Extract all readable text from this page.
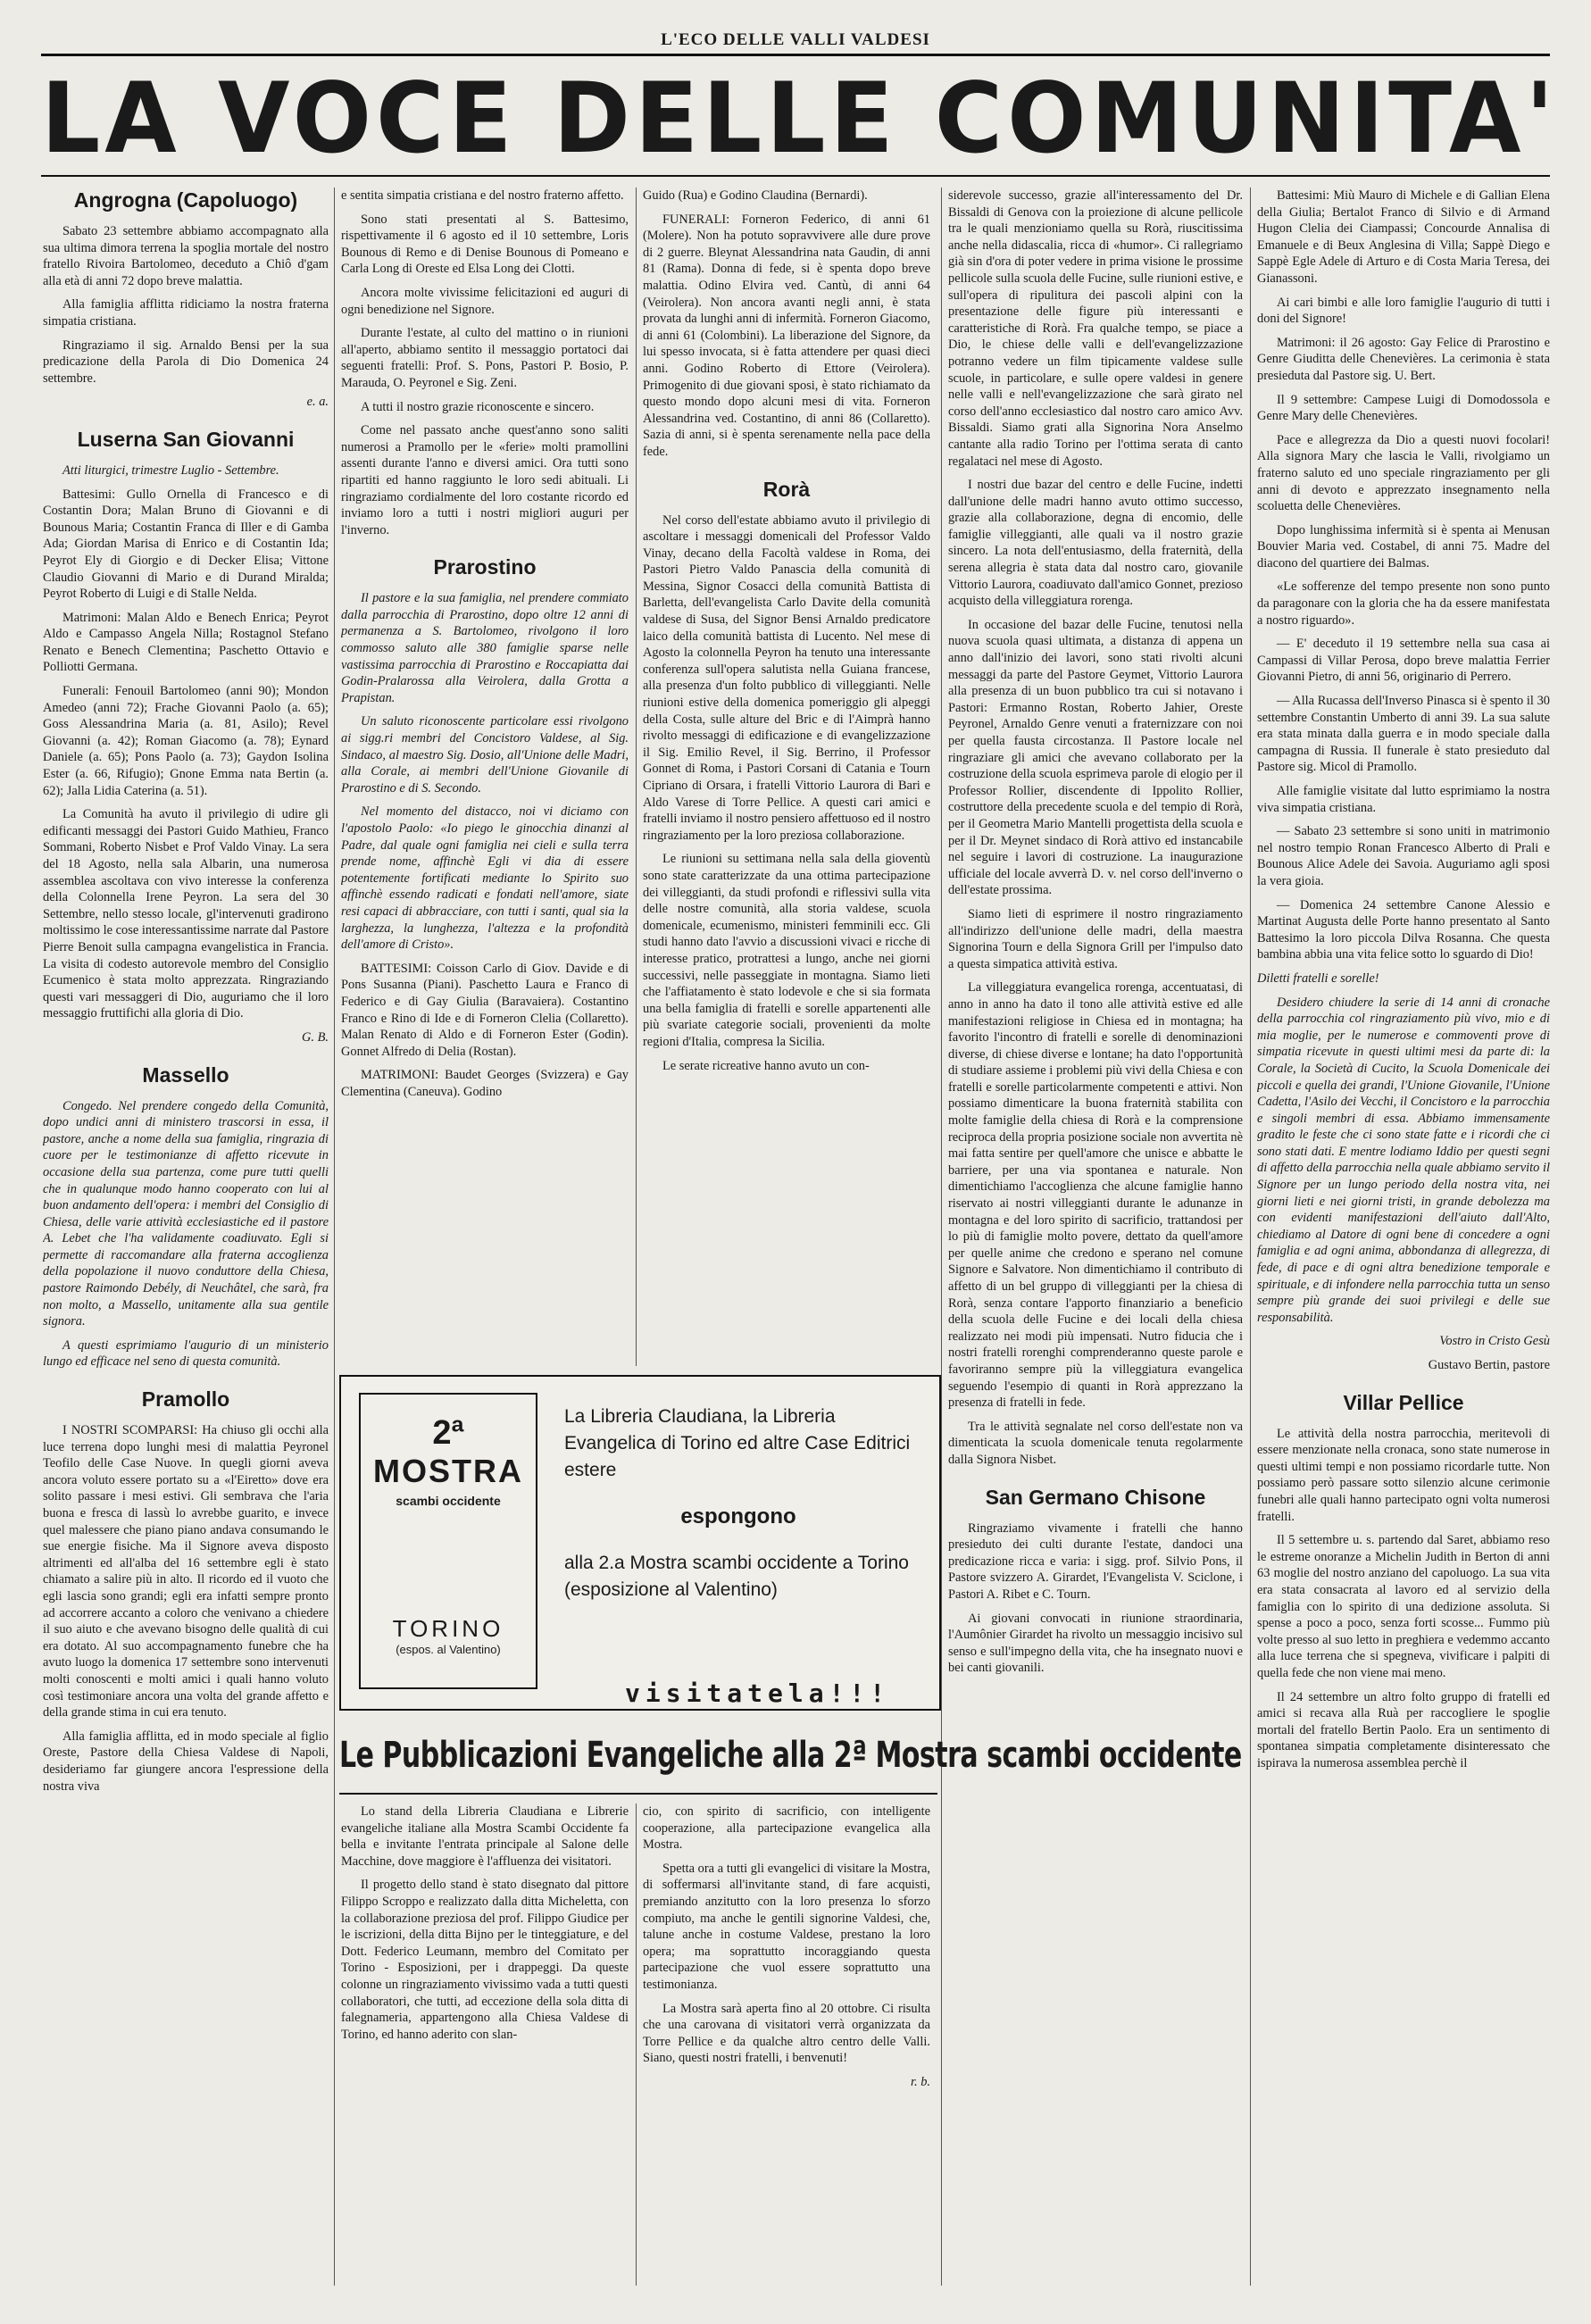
L'ECO DELLE VALLI VALDESI
LA VOCE DELLE COMUNITA'
Angrogna (Capoluogo)

Sabato 23 settembre abbiamo accompagnato alla sua ultima dimora terrena la spoglia mortale del nostro fratello Rivoira Bartolomeo, deceduto a Chiô d'gam alla età di anni 72 dopo breve malattia.

Alla famiglia afflitta ridiciamo la nostra fraterna simpatia cristiana.

Ringraziamo il sig. Arnaldo Bensi per la sua predicazione della Parola di Dio Domenica 24 settembre.

e. a.

Luserna San Giovanni

Atti liturgici, trimestre Luglio - Settembre.

Battesimi: Gullo Ornella di Francesco e di Costantin Dora; Malan Bruno di Giovanni e di Bounous Maria; Costantin Franca di Iller e di Gamba Ada; Giordan Marisa di Enrico e di Costantin Ida; Peyrot Ely di Giorgio e di Decker Elisa; Vittone Claudio Giovanni di Mario e di Durand Miralda; Peyrot Roberto di Luigi e di Stalle Nelda.

Matrimoni: Malan Aldo e Benech Enrica; Peyrot Aldo e Campasso Angela Nilla; Rostagnol Stefano Renato e Benech Clementina; Paschetto Ottavio e Polliotti Germana.

Funerali: Fenouil Bartolomeo (anni 90); Mondon Amedeo (anni 72); Frache Giovanni Paolo (a. 65); Goss Alessandrina Maria (a. 81, Asilo); Revel Giovanni (a. 42); Roman Giacomo (a. 78); Eynard Daniele (a. 65); Pons Paolo (a. 73); Gaydon Isolina Ester (a. 66, Rifugio); Gnone Emma nata Bertin (a. 62); Jalla Lidia Caterina (a. 51).

La Comunità ha avuto il privilegio di udire gli edificanti messaggi dei Pastori Guido Mathieu, Franco Sommani, Roberto Nisbet e Prof Valdo Vinay. La sera del 18 Agosto, nella sala Albarin, una numerosa assemblea ascoltava con vivo interesse la conferenza della Colonnella Irene Peyron. La sera del 30 Settembre, nello stesso locale, gl'intervenuti gradirono moltissimo le cose interessantissime narrate dal Pastore Pierre Benoit sulla campagna evangelistica in Francia. La visita di codesto autorevole membro del Consiglio Ecumenico è stata molto apprezzata. Ringraziando questi vari messaggeri di Dio, auguriamo che il loro messaggio fruttifichi alla gloria di Dio.

G. B.

Massello

Congedo. Nel prendere congedo della Comunità, dopo undici anni di ministero trascorsi in essa, il pastore, anche a nome della sua famiglia, ringrazia di cuore per le testimonianze di affetto ricevute in occasione della sua partenza, come pure tutti quelli che in qualunque modo hanno cooperato con lui al buon andamento dell'opera: i membri del Consiglio di Chiesa, delle varie attività ecclesiastiche ed il pastore A. Lebet che l'ha validamente coadiuvato. Egli si permette di raccomandare alla fraterna accoglienza della popolazione il nuovo conduttore della Chiesa, pastore Raimondo Debély, di Neuchâtel, che sarà, fra non molto, a Massello, unitamente alla sua gentile signora.

A questi esprimiamo l'augurio di un ministerio lungo ed efficace nel seno di questa comunità.

Pramollo

I NOSTRI SCOMPARSI: Ha chiuso gli occhi alla luce terrena dopo lunghi mesi di malattia Peyronel Teofilo delle Case Nuove. In quegli giorni aveva ancora voluto essere portato su a «l'Eiretto» dove era solito passare i mesi estivi. Gli sembrava che l'aria buona e fresca di lassù lo avrebbe guarito, e invece quel malessere che piano piano andava consumando le sue energie fisiche. Ma il Signore aveva disposto altrimenti ed all'alba del 16 settembre egli è stato chiamato a salire più in alto. Il ricordo ed il vuoto che egli lascia sono grandi; egli era infatti sempre pronto ad accorrere accanto a coloro che venivano a chiedere il suo aiuto e che avevano bisogno delle qualità di cui era dotato. Al suo accompagnamento funebre che ha avuto luogo la domenica 17 settembre sono intervenuti molti conoscenti e molti amici i quali hanno voluto così testimoniare ancora una volta del grande affetto e della grande stima in cui era tenuto.

Alla famiglia afflitta, ed in modo speciale al figlio Oreste, Pastore della Chiesa Valdese di Napoli, desideriamo far giungere ancora l'espressione della nostra viva

e sentita simpatia cristiana e del nostro fraterno affetto.

Sono stati presentati al S. Battesimo, rispettivamente il 6 agosto ed il 10 settembre, Loris Bounous di Remo e di Denise Bounous di Pomeano e Carla Long di Oreste ed Elsa Long dei Clotti.

Ancora molte vivissime felicitazioni ed auguri di ogni benedizione nel Signore.

Durante l'estate, al culto del mattino o in riunioni all'aperto, abbiamo sentito il messaggio portatoci dai seguenti fratelli: Prof. S. Pons, Pastori P. Bosio, P. Marauda, O. Peyronel e Sig. Zeni.

A tutti il nostro grazie riconoscente e sincero.

Come nel passato anche quest'anno sono saliti numerosi a Pramollo per le «ferie» molti pramollini assenti durante l'anno e diversi amici. Ora tutti sono ripartiti ed hanno raggiunto le loro sedi abituali. Li ringraziamo cordialmente del loro costante ricordo ed inviamo loro a tutti i nostri migliori auguri per l'inverno.

Prarostino

Il pastore e la sua famiglia, nel prendere commiato dalla parrocchia di Prarostino, dopo oltre 12 anni di permanenza a S. Bartolomeo, rivolgono il loro commosso saluto alle 380 famiglie sparse nelle vastissima parrocchia di Prarostino e Roccapiatta dai Godin-Pralarossa alla Veirolera, dalla Grotta a Prapistan.

Un saluto riconoscente particolare essi rivolgono ai sigg.ri membri del Concistoro Valdese, al Sig. Sindaco, al maestro Sig. Dosio, all'Unione delle Madri, alla Corale, ai membri dell'Unione Giovanile di Prarostino e di S. Secondo.

Nel momento del distacco, noi vi diciamo con l'apostolo Paolo: «Io piego le ginocchia dinanzi al Padre, dal quale ogni famiglia nei cieli e sulla terra prende nome, affinchè Egli vi dia di essere potentemente fortificati mediante lo Spirito suo affinchè essendo radicati e fondati nell'amore, siate resi capaci di abbracciare, con tutti i santi, qual sia la larghezza, la lunghezza, l'altezza e la profondità dell'amore di Cristo».

BATTESIMI: Coisson Carlo di Giov. Davide e di Pons Susanna (Piani). Paschetto Laura e Franco di Federico e di Gay Giulia (Baravaiera). Costantino Franco e Rino di Ide e di Forneron Clelia (Collaretto). Malan Renato di Aldo e di Forneron Ester (Godin). Gonnet Alfredo di Delia (Rostan).

MATRIMONI: Baudet Georges (Svizzera) e Gay Clementina (Caneuva). Godino

Guido (Rua) e Godino Claudina (Bernardi).

FUNERALI: Forneron Federico, di anni 61 (Molere). Non ha potuto sopravvivere alle dure prove di 2 guerre. Bleynat Alessandrina nata Gaudin, di anni 81 (Rama). Donna di fede, si è spenta dopo breve malattia. Odino Elvira ved. Cantù, di anni 64 (Veirolera). Non ancora avanti negli anni, è stata provata da lunghi anni di infermità. Forneron Giacomo, di anni 61 (Colombini). La liberazione del Signore, da lui spesso invocata, si è fatta attendere per quasi dieci anni. Godino Roberto di Ettore (Veirolera). Primogenito di due giovani sposi, è stato richiamato da questo mondo dopo alcuni mesi di vita. Forneron Alessandrina ved. Costantino, di anni 86 (Collaretto). Sazia di anni, si è spenta serenamente nella pace della fede.

Rorà

Nel corso dell'estate abbiamo avuto il privilegio di ascoltare i messaggi domenicali del Professor Valdo Vinay, decano della Facoltà valdese in Roma, dei Pastori Pietro Valdo Panascia della comunità di Messina, Signor Cosacci della comunità Battista di Barletta, dell'evangelista Carlo Davite della comunità valdese di Susa, del Signor Bensi Arnaldo predicatore laico della comunità battista di Lucento. Nel mese di Agosto la colonnella Peyron ha tenuto una interessante conferenza sull'opera salutista nella Guiana francese, alla presenza d'un folto pubblico di villeggianti. Nelle riunioni estive della domenica pomeriggio gli alpeggi della Costa, sulle alture del Bric e di l'Aimprà hanno rivolto messaggi di edificazione e di evangelizzazione il Sig. Emilio Revel, il Sig. Berrino, il Professor Gonnet di Roma, i Pastori Corsani di Catania e Tourn Cipriano di Orsara, i fratelli Vittorio Laurora di Bari e Aldo Varese di Torre Pellice. A questi cari amici e fratelli inviamo il nostro pensiero affettuoso ed il nostro ringraziamento per la loro preziosa collaborazione.

Le riunioni su settimana nella sala della gioventù sono state caratterizzate da una ottima partecipazione dei villeggianti, da studi profondi e riflessivi sulla vita delle nostre comunità, alla storia valdese, scuola domenicale, ecumenismo, ministeri femminili ecc. Gli studi hanno dato l'avvio a discussioni vivaci e ricche di interesse pratico, protrattesi a lungo, anche nei giorni successivi, nelle passeggiate in montagna. Siamo lieti che l'affiatamento è stato lodevole e che si sia formata una bella famiglia di fratelli e sorelle appartenenti alle più svariate categorie sociali, provenienti da molte regioni d'Italia, compresa la Sicilia.

Le serate ricreative hanno avuto un con-

siderevole successo, grazie all'interessamento del Dr. Bissaldi di Genova con la proiezione di alcune pellicole tra le quali menzioniamo quella su Rorà, riuscitissima anche nella didascalia, ricca di «humor». Ci rallegriamo già sin d'ora di poter vedere in prima visione le prossime pellicole sulla scuola delle Fucine, sulle riunioni estive, e sull'opera di ripulitura dei pascoli alpini con la presentazione delle figure più interessanti e caratteristiche di Rorà. Fra qualche tempo, se piace a Dio, le chiese delle valli e dell'evangelizzazione potranno vedere un film tipicamente valdese sulle scuole, in particolare, e sulle opere valdesi in genere nelle valli e nell'evangelizzazione che sarà girato nel corso dell'anno ecclesiastico dal nostro caro amico Avv. Bissaldi. Siamo grati alla Signorina Nora Anselmo cantante alla radio Torino per l'ottima serata di canto regalataci nel mese di Agosto.

I nostri due bazar del centro e delle Fucine, indetti dall'unione delle madri hanno avuto ottimo successo, grazie alla collaborazione, degna di encomio, delle famiglie villeggianti, alle quali va il nostro grazie sincero. La nota dell'entusiasmo, della fraternità, della serena allegria è stata data dal nostro caro, giovanile Vittorio Laurora, coadiuvato dall'amico Gonnet, prezioso acquisto della villeggiatura rorenga.

In occasione del bazar delle Fucine, tenutosi nella nuova scuola quasi ultimata, a distanza di appena un anno dall'inizio dei lavori, sono stati rivolti alcuni messaggi da parte del Pastore Geymet, Vittorio Laurora alla presenza di un buon pubblico tra cui si notavano i Pastori: Ermanno Rostan, Roberto Jahier, Oreste Peyronel, Arnaldo Genre venuti a fraternizzare con noi per quella fausta circostanza. Il Pastore locale nel ringraziare gli amici che avevano collaborato per la costruzione della scuola esprimeva parole di elogio per il Professor Rollier, discendente di Ippolito Rollier, costruttore della precedente scuola e del tempio di Rorà, per il Geometra Mario Mantelli progettista della scuola e per il Dr. Meynet sindaco di Rorà attivo ed instancabile nel seguire i lavori di costruzione. La inaugurazione ufficiale del locale avverrà D. v. nel corso dell'inverno o dell'estate prossima.

Siamo lieti di esprimere il nostro ringraziamento all'indirizzo dell'unione delle madri, della maestra Signorina Tourn e della Signora Grill per l'impulso dato a questa simpatica attività estiva.

La villeggiatura evangelica rorenga, accentuatasi, di anno in anno ha dato il tono alle attività estive ed alle manifestazioni religiose in Chiesa ed in montagna; ha favorito l'incontro di fratelli e sorelle di denominazioni diverse, di chiese diverse e lontane; ha dato l'opportunità di studiare assieme i problemi più vivi della Chiesa e con fratelli e sorelle particolarmente competenti e attivi. Non possiamo dimenticare la buona fraternità stabilita con molte famiglie della chiesa di Rorà e la comprensione reciproca della propria posizione sociale non avvertita nè mai fatta sentire per quell'amore che unisce e abbatte le barriere, per una via spontanea e naturale. Non dimentichiamo l'accoglienza che alcune famiglie hanno riservato ai nostri villeggianti durante le adunanze in montagna e del loro spirito di sacrificio, trattandosi per lo più di famiglie molto povere, dettato da quell'amore per quelle anime che credono e sperano nel comune Signore e Salvatore. Non dimentichiamo il contributo di affetto di un bel gruppo di villeggianti per la chiesa di Rorà, senza contare l'apporto finanziario a beneficio della scuola delle Fucine e dei locali della chiesa realizzato nei modi più impensati. Nutro fiducia che i nostri fratelli rorenghi comprenderanno queste parole e favoriranno sempre più la villeggiatura evangelica seguendo l'esempio di quanti in Rorà apprezzano la presenza di fratelli in fede.

Tra le attività segnalate nel corso dell'estate non va dimenticata la scuola domenicale tenuta regolarmente dalla Signora Nisbet.

San Germano Chisone

Ringraziamo vivamente i fratelli che hanno presieduto dei culti durante l'estate, dandoci una predicazione ricca e varia: i sigg. prof. Silvio Pons, il Pastore svizzero A. Girardet, l'Evangelista V. Sciclone, i Pastori A. Ribet e C. Tourn.

Ai giovani convocati in riunione straordinaria, l'Aumônier Girardet ha rivolto un messaggio incisivo sul senso e sull'impegno della vita, che ha insegnato nuovi e bei canti giovanili.

Battesimi: Miù Mauro di Michele e di Gallian Elena della Giulia; Bertalot Franco di Silvio e di Armand Hugon Clelia dei Ciampassi; Concourde Annalisa di Emanuele e di Beux Anglesina di Villa; Sappè Diego e Sappè Egle Adele di Arturo e di Costa Maria Teresa, dei Gianassoni.

Ai cari bimbi e alle loro famiglie l'augurio di tutti i doni del Signore!

Matrimoni: il 26 agosto: Gay Felice di Prarostino e Genre Giuditta delle Chenevières. La cerimonia è stata presieduta dal Pastore sig. U. Bert.

Il 9 settembre: Campese Luigi di Domodossola e Genre Mary delle Chenevières.

Pace e allegrezza da Dio a questi nuovi focolari! Alla signora Mary che lascia le Valli, rivolgiamo un fraterno saluto ed uno speciale ringraziamento per gli anni di devoto e apprezzato insegnamento nella scoluetta delle Chenevières.

Dopo lunghissima infermità si è spenta ai Menusan Bouvier Maria ved. Costabel, di anni 75. Madre del diacono del quartiere dei Balmas.

«Le sofferenze del tempo presente non sono punto da paragonare con la gloria che ha da essere manifestata a nostro riguardo».

— E' deceduto il 19 settembre nella sua casa ai Campassi di Villar Perosa, dopo breve malattia Ferrier Giovanni Pietro, di anni 56, originario di Perrero.

— Alla Rucassa dell'Inverso Pinasca si è spento il 30 settembre Constantin Umberto di anni 39. La sua salute era stata minata dalla guerra e in modo speciale dalla campagna di Russia. Il funerale è stato presieduto dal Pastore sig. Micol di Pramollo.

Alle famiglie visitate dal lutto esprimiamo la nostra viva simpatia cristiana.

— Sabato 23 settembre si sono uniti in matrimonio nel nostro tempio Ronan Francesco Alberto di Prali e Bounous Alice Adele dei Savoia. Auguriamo agli sposi la vera gioia.

— Domenica 24 settembre Canone Alessio e Martinat Augusta delle Porte hanno presentato al Santo Battesimo la loro piccola Dilva Rosanna. Che questa bambina abbia una vita felice sotto lo sguardo di Dio!

Diletti fratelli e sorelle!

Desidero chiudere la serie di 14 anni di cronache della parrocchia col ringraziamento più vivo, mio e di mia moglie, per le numerose e commoventi prove di simpatia ricevute in questi ultimi mesi da parte di: la Corale, la Società di Cucito, la Scuola Domenicale dei piccoli e quella dei grandi, l'Unione Giovanile, l'Unione Cadetta, l'Asilo dei Vecchi, il Concistoro e la parrocchia e singoli membri di essa. Abbiamo immensamente gradito le feste che ci sono state fatte e i ricordi che ci sono stati dati. E mentre lodiamo Iddio per questi segni di affetto della parrocchia nella quale abbiamo servito il Signore per un lungo periodo della nostra vita, nei giorni lieti e nei giorni tristi, in grande debolezza ma con evidenti manifestazioni dell'aiuto dall'Alto, chiediamo al Datore di ogni bene di concedere a ogni famiglia e ad ogni anima, abbondanza di allegrezza, di fede, di pace e di ogni altra benedizione temporale e spirituale, e di infondere nella parrocchia tutta un senso sempre più grande dei suoi privilegi e delle sue responsabilità.

Vostro in Cristo Gesù

Gustavo Bertin, pastore

Villar Pellice

Le attività della nostra parrocchia, meritevoli di essere menzionate nella cronaca, sono state numerose in questi ultimi tempi e non possiamo ricordarle tutte. Non possiamo però passare sotto silenzio alcune cerimonie funebri alle quali hanno partecipato ogni volta numerosi fratelli.

Il 5 settembre u. s. partendo dal Saret, abbiamo reso le estreme onoranze a Michelin Judith in Berton di anni 63 moglie del nostro anziano del capoluogo. La sua vita era stata consacrata al lavoro ed al servizio della famiglia con lo spirito di una dedizione assoluta. Si spense a poco a poco, senza forti scosse... Fummo più volte presso al suo letto in preghiera e vedemmo accanto alla luce terrena che si spegneva, vivificare i palpiti di quella fede che non viene mai meno.

Il 24 settembre un altro folto gruppo di fratelli ed amici si recava alla Ruà per raccogliere le spoglie mortali del fratello Bertin Paolo. Era un sentimento di spontanea simpatia completamente disinteressato che ispirava la numerosa assemblea perchè il

2ª
MOSTRA
scambi occidente
TORINO
(espos. al Valentino)
La Libreria Claudiana, la Libreria Evangelica di Torino ed altre Case Editrici estere
espongono
alla 2.a Mostra scambi occidente a Torino (esposizione al Valentino)
visitatela!!!
Le Pubblicazioni Evangeliche alla 2ª Mostra scambi occidente

Lo stand della Libreria Claudiana e Librerie evangeliche italiane alla Mostra Scambi Occidente fa bella e invitante l'entrata principale al Salone delle Macchine, dove maggiore è l'affluenza dei visitatori.

Il progetto dello stand è stato disegnato dal pittore Filippo Scroppo e realizzato dalla ditta Micheletta, con la collaborazione preziosa del prof. Filippo Giudice per le iscrizioni, della ditta Bijno per le tinteggiature, e del Dott. Federico Leumann, membro del Comitato per Torino - Esposizioni, per i drappeggi. Da queste colonne un ringraziamento vivissimo vada a tutti questi collaboratori, che tutti, ad eccezione della sola ditta di falegnameria, appartengono alla Chiesa Valdese di Torino, ed hanno aderito con slan-

cio, con spirito di sacrificio, con intelligente cooperazione, alla partecipazione evangelica alla Mostra.

Spetta ora a tutti gli evangelici di visitare la Mostra, di soffermarsi all'invitante stand, di fare acquisti, premiando anzitutto con la loro presenza lo sforzo compiuto, ma anche le gentili signorine Valdesi, che, talune anche in costume Valdese, prestano la loro opera; ma soprattutto incoraggiando questa partecipazione che vuol essere soprattutto una testimonianza.

La Mostra sarà aperta fino al 20 ottobre. Ci risulta che una carovana di visitatori verrà organizzata da Torre Pellice e da qualche altro centro delle Valli. Siano, questi nostri fratelli, i benvenuti!

r. b.
